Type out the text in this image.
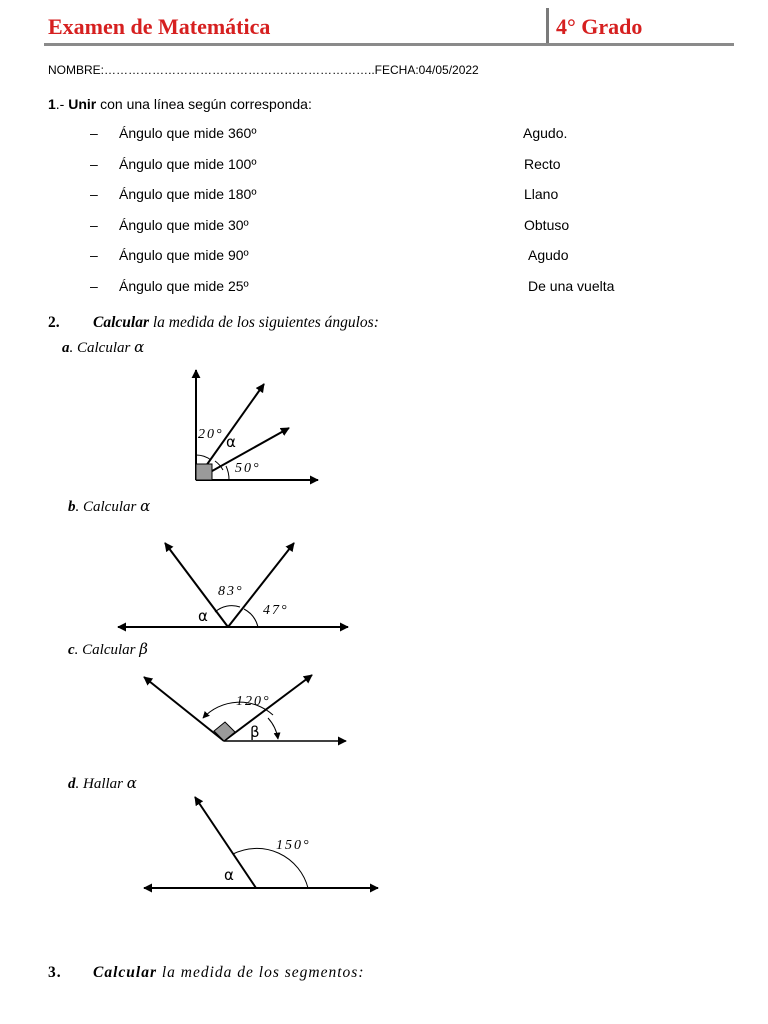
Examen de Matemática	4° Grado
NOMBRE:…………………………………………………………..FECHA:04/05/2022
1.- Unir con una línea según corresponda:
– Ángulo que mide 360º	Agudo.
– Ángulo que mide 100º	Recto
– Ángulo que mide 180º	Llano
– Ángulo que mide 30º	Obtuso
– Ángulo que mide 90º	Agudo
– Ángulo que mide 25º	De una vuelta
2. Calcular la medida de los siguientes ángulos:
a. Calcular α
b. Calcular α
c. Calcular β
d. Hallar α
20° α
50°
83°
α	47°
120°
β
150°
α
3. Calcular la medida de los segmentos:
